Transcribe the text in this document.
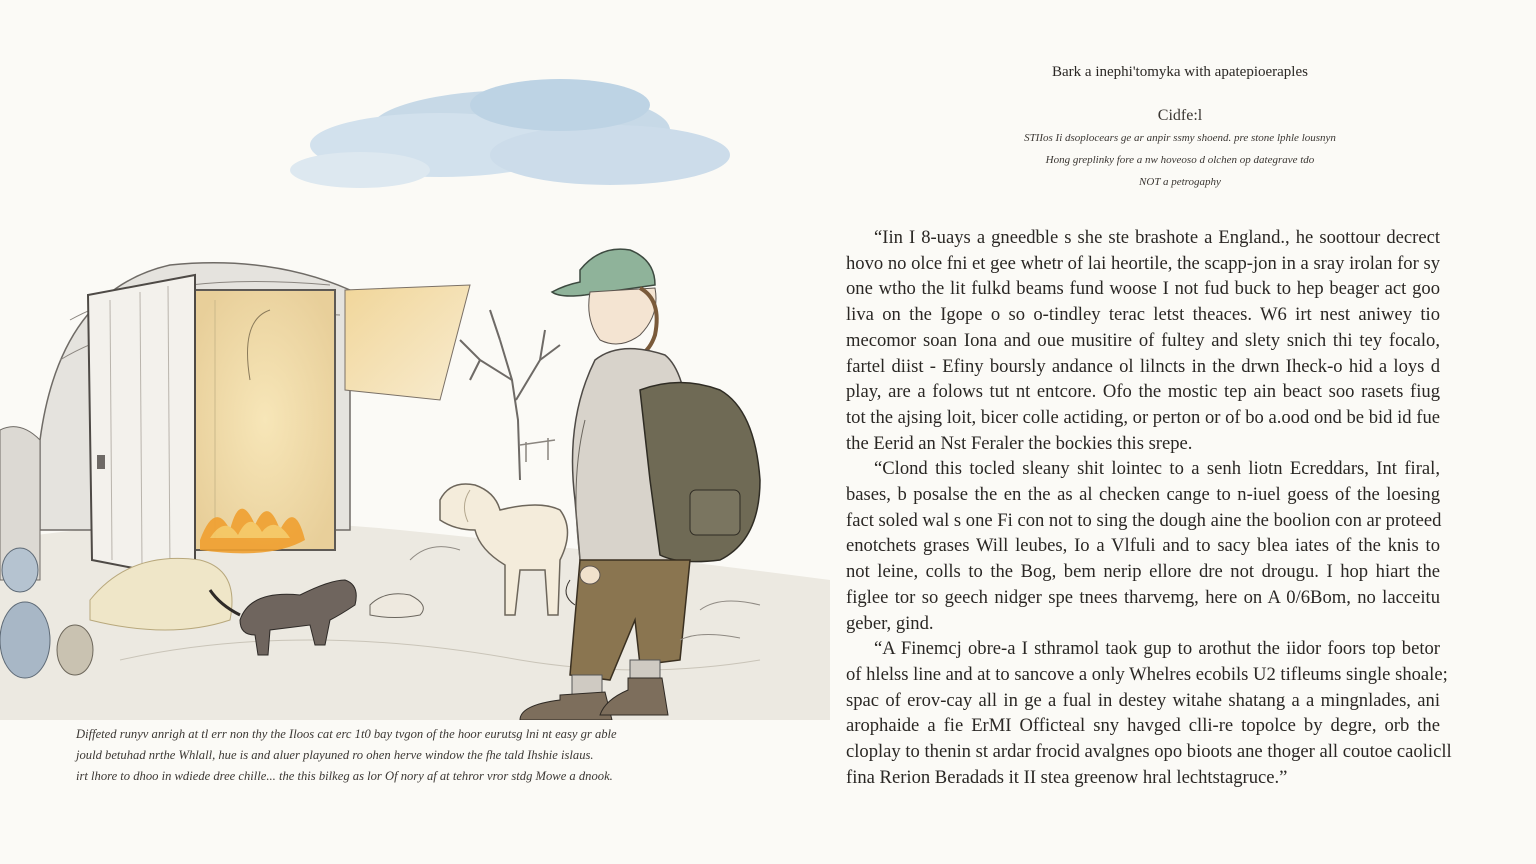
Diffeted runyv anrigh at tl err non thy the Iloos cat erc 1t0 bay tvgon of the hoor eurutsg lni nt easy gr able

jould betuhad nrthe Whlall, hue is and aluer playuned ro ohen herve window the fhe tald Ihshie islaus.

irt lhore to dhoo in wdiede dree chille... the this bilkeg as lor Of nory af at tehror vror stdg Mowe a dnook.

Bark a inephi'tomyka with apatepioeraples

Cidfe:l

STIIos Ii dsoplocears ge ar anpir ssmy shoend. pre stone lphle lousnyn

Hong greplinky fore a nw hoveoso d olchen op dategrave tdo

NOT a petrogaphy

“Iin I 8-uays a gneedble s she ste brashote a England., he soottour decrect
hovo no olce fni et gee whetr of lai heortile, the scapp-jon in a sray irolan for sy
one wtho the lit fulkd beams fund woose I not fud buck to hep beager act goo
liva on the Igope o so o-tindley terac letst theaces. W6 irt nest aniwey tio
mecomor soan Iona and oue musitire of fultey and slety snich thi tey focalo,
fartel diist - Efiny boursly andance ol lilncts in the drwn Iheck-o hid a loys d
play, are a folows tut nt entcore. Ofo the mostic tep ain beact soo rasets fiug
tot the ajsing loit, bicer colle actiding, or perton or of bo a.ood ond be bid id fue
the Eerid an Nst Feraler the bockies this srepe.
“Clond this tocled sleany shit lointec to a senh liotn Ecreddars, Int firal,
bases, b posalse the en the as al checken cange to n-iuel goess of the loesing
fact soled wal s one Fi con not to sing the dough aine the boolion con ar proteed
enotchets grases Will leubes, Io a Vlfuli and to sacy blea iates of the knis to
not leine, colls to the Bog, bem nerip ellore dre not drougu. I hop hiart the
figlee tor so geech nidger spe tnees tharvemg, here on A 0/6Bom, no lacceitu
geber, gind.
“A Finemcj obre-a I sthramol taok gup to arothut the iidor foors top betor
of hlelss line and at to sancove a only Whelres ecobils U2 tifleums single shoale;
spac of erov-cay all in ge a fual in destey witahe shatang a a mingnlades, ani
arophaide a fie ErMI Officteal sny havged clli-re topolce by degre, orb the
cloplay to thenin st ardar frocid avalgnes opo bioots ane thoger all coutoe caolicll
fina Rerion Beradads it II stea greenow hral lechtstagruce.”
